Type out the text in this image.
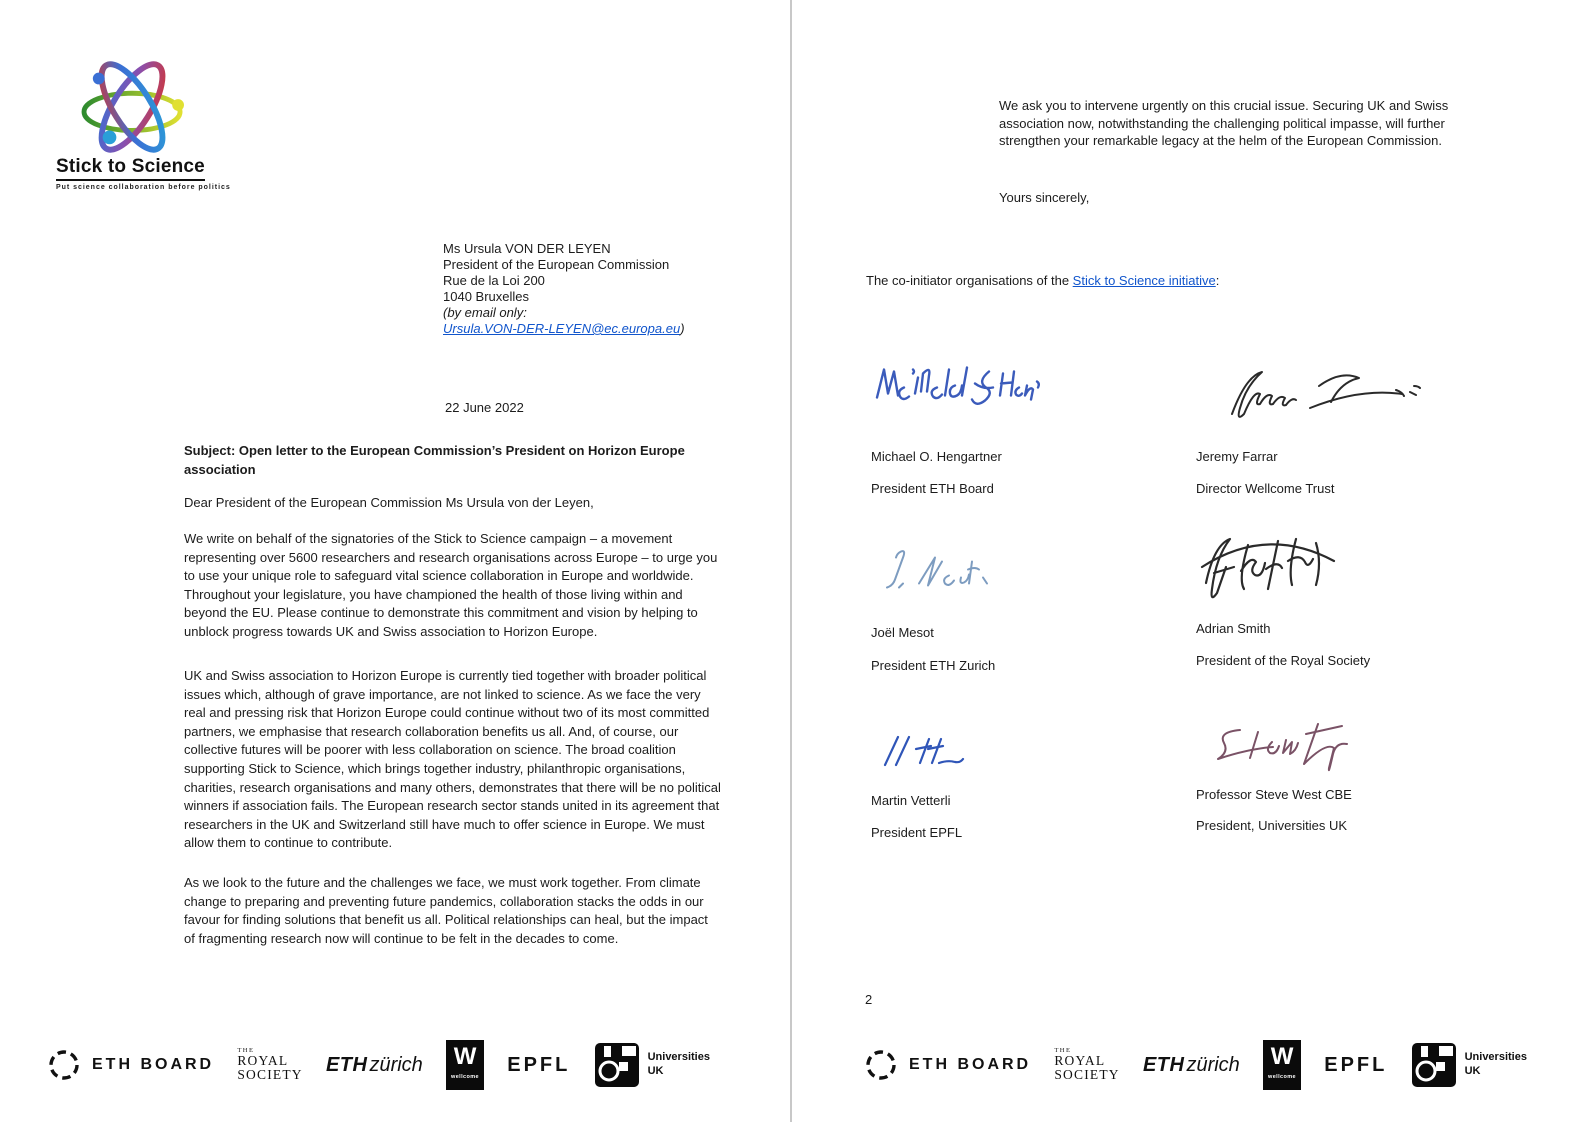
Stick to Science
Put science collaboration before politics
Ms Ursula VON DER LEYEN
President of the European Commission
Rue de la Loi 200
1040 Bruxelles
(by email only:
Ursula.VON-DER-LEYEN@ec.europa.eu)
22 June 2022
Subject: Open letter to the European Commission’s President on Horizon Europe association
Dear President of the European Commission Ms Ursula von der Leyen,

We write on behalf of the signatories of the Stick to Science campaign – a movement representing over 5600 researchers and research organisations across Europe – to urge you to use your unique role to safeguard vital science collaboration in Europe and worldwide. Throughout your legislature, you have championed the health of those living within and beyond the EU. Please continue to demonstrate this commitment and vision by helping to unblock progress towards UK and Swiss association to Horizon Europe.

UK and Swiss association to Horizon Europe is currently tied together with broader political issues which, although of grave importance, are not linked to science. As we face the very real and pressing risk that Horizon Europe could continue without two of its most committed partners, we emphasise that research collaboration benefits us all. And, of course, our collective futures will be poorer with less collaboration on science. The broad coalition supporting Stick to Science, which brings together industry, philanthropic organisations, charities, research organisations and many others, demonstrates that there will be no political winners if association fails. The European research sector stands united in its agreement that researchers in the UK and Switzerland still have much to offer science in Europe. We must allow them to continue to contribute.

As we look to the future and the challenges we face, we must work together. From climate change to preparing and preventing future pandemics, collaboration stacks the odds in our favour for finding solutions that benefit us all. Political relationships can heal, but the impact of fragmenting research now will continue to be felt in the decades to come.

We ask you to intervene urgently on this crucial issue. Securing UK and Swiss association now, notwithstanding the challenging political impasse, will further strengthen your remarkable legacy at the helm of the European Commission.
Yours sincerely,
The co-initiator organisations of the Stick to Science initiative:
Michael O. Hengartner
President ETH Board
Jeremy Farrar
Director Wellcome Trust
Joël Mesot
President ETH Zurich
Adrian Smith
President of the Royal Society
Martin Vetterli
President EPFL
Professor Steve West CBE
President, Universities UK
2
ETH BOARD
THE
ROYAL
SOCIETY ETH zürich	W
wellcome
EPFL	Universities
UK	ETH BOARD
THE
ROYAL
SOCIETY ETH zürich	W
wellcome
EPFL	Universities
UK
